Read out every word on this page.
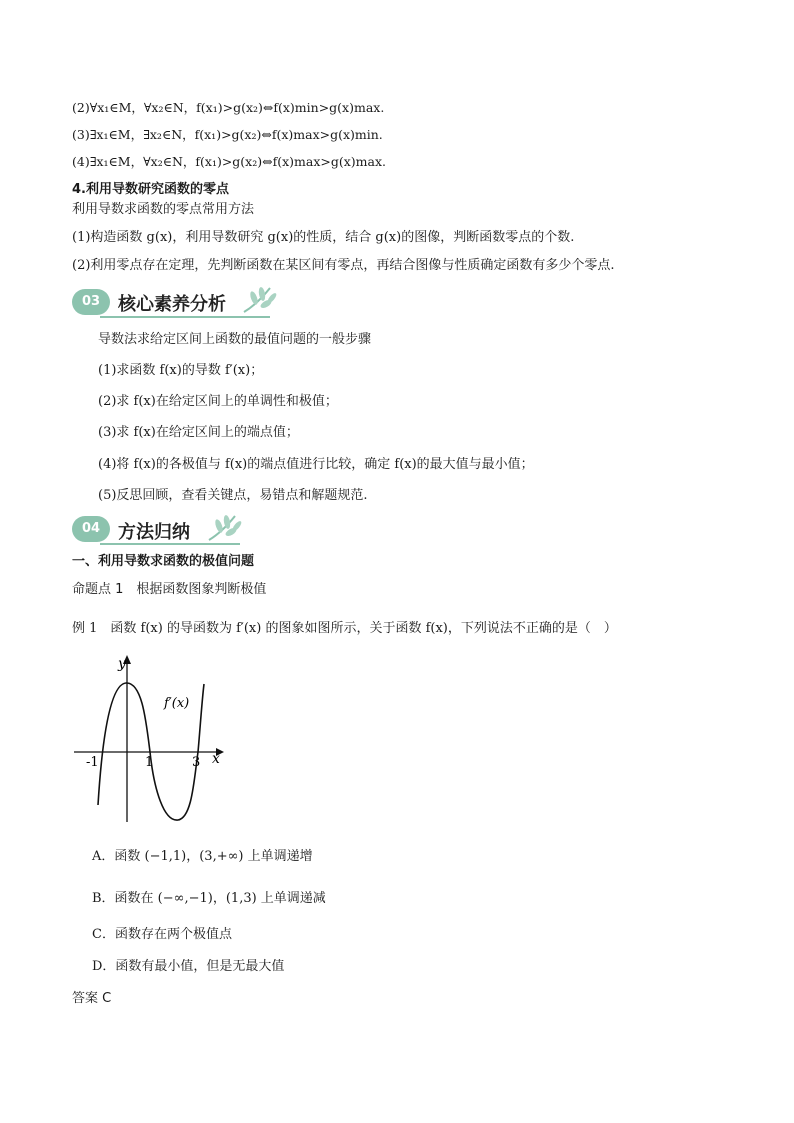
(2)∀x₁∈M，∀x₂∈N，f(x₁)>g(x₂)⇔f(x)min>g(x)max.
(3)∃x₁∈M，∃x₂∈N，f(x₁)>g(x₂)⇔f(x)max>g(x)min.
(4)∃x₁∈M，∀x₂∈N，f(x₁)>g(x₂)⇔f(x)max>g(x)max.
4.利用导数研究函数的零点
利用导数求函数的零点常用方法
(1)构造函数 g(x)，利用导数研究 g(x)的性质，结合 g(x)的图像，判断函数零点的个数.
(2)利用零点存在定理，先判断函数在某区间有零点，再结合图像与性质确定函数有多少个零点.
03 核心素养分析
导数法求给定区间上函数的最值问题的一般步骤
(1)求函数 f(x)的导数 f′(x)；
(2)求 f(x)在给定区间上的单调性和极值；
(3)求 f(x)在给定区间上的端点值；
(4)将 f(x)的各极值与 f(x)的端点值进行比较，确定 f(x)的最大值与最小值；
(5)反思回顾，查看关键点，易错点和解题规范.
04 方法归纳
一、利用导数求函数的极值问题
命题点 1　根据函数图象判断极值
例 1　函数 f(x) 的导函数为 f′(x) 的图象如图所示，关于函数 f(x)，下列说法不正确的是（　）
y
x
f′(x)
-1	1	3
A．函数 (−1,1)，(3,+∞) 上单调递增
B．函数在 (−∞,−1)，(1,3) 上单调递减
C．函数存在两个极值点
D．函数有最小值，但是无最大值
答案 C
